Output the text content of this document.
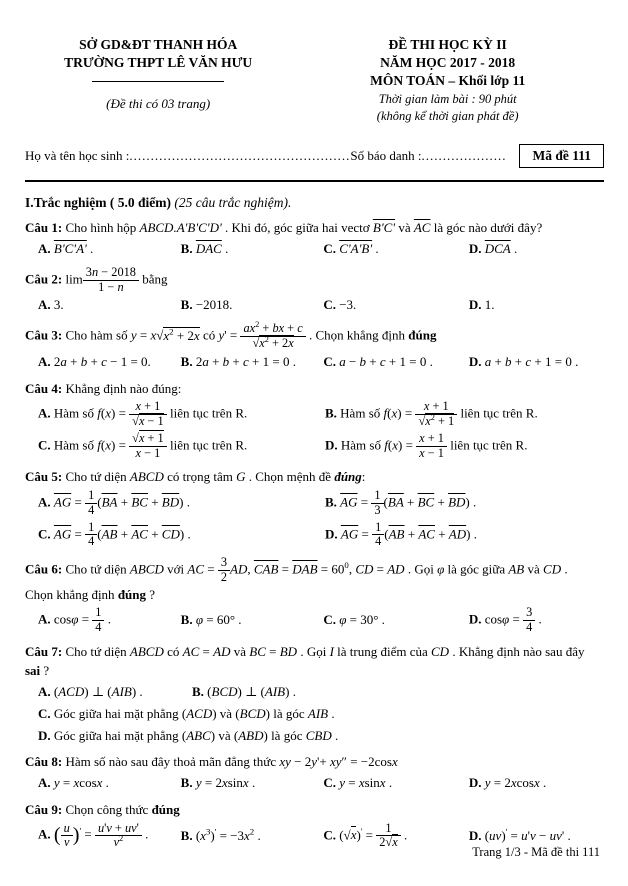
SỞ GD&ĐT THANH HÓA
TRƯỜNG THPT LÊ VĂN HƯU
(Đề thi có 03 trang)
ĐỀ THI HỌC KỲ II
NĂM HỌC 2017 - 2018
MÔN TOÁN – Khối lớp 11
Thời gian làm bài : 90 phút
(không kể thời gian phát đề)
Họ và tên học sinh : .................................................... Số báo danh : ....................	Mã đề 111
I.Trắc nghiệm ( 5.0 điểm) (25 câu trắc nghiệm).
Câu 1: Cho hình hộp ABCD.A'B'C'D' . Khi đó, góc giữa hai vectơ B'C' và $\overline{AC}$ là góc nào dưới đây?
A. B'C'A' .	B. $\overline{DAC}$ .	C. C'A'B' .	D. $\overline{DCA}$ .
Câu 2: $\lim \frac{3n - 2018}{1 - n}$ bằng
A. 3.	B. −2018.	C. −3.	D. 1.
Câu 3: Cho hàm số $y = x√x^2 + 2x$ có $y' = \frac{ax^2 + bx + c}{√x^2 + 2x}$ . Chọn khẳng định đúng
A. 2a + b + c − 1 = 0.	B. 2a + b + c + 1 = 0 .	C. a − b + c + 1 = 0 .	D. a + b + c + 1 = 0 .
Câu 4: Khẳng định nào đúng:
A. Hàm số $f(x) = \frac{x + 1}{√x - 1}$ liên tục trên R.	B. Hàm số $f(x) = \frac{x + 1}{√x^2 + 1}$ liên tục trên R.
C. Hàm số $f(x) = \frac{√x + 1}{x - 1}$ liên tục trên R.	D. Hàm số $f(x) = \frac{x + 1}{x - 1}$ liên tục trên R.
Câu 5: Cho tứ diện ABCD có trọng tâm G . Chọn mệnh đề đúng:
A. $\overline{AG} = \frac{1}{4} (\overline{BA} + \overline{BC} + \overline{BD})$ .	B. $\overline{AG} = \frac{1}{3} (\overline{BA} + \overline{BC} + \overline{BD})$ .
C. $\overline{AG} = \frac{1}{4} (\overline{AB} + \overline{AC} + \overline{CD})$ .	D. $\overline{AG} = \frac{1}{4} (\overline{AB} + \overline{AC} + \overline{AD})$ .
Câu 6: Cho tứ diện ABCD với AC = $\frac{3}{2}$ AD, $\overline{CAB} = \overline{DAB} = 60^0$, CD = AD . Gọi φ là góc giữa AB và CD .
Chọn khẳng định đúng ?
A. $\cos\varphi = \frac{1}{4}$ .	B. φ = 60° .	C. φ = 30° .	D. $\cos\varphi = \frac{3}{4}$ .
Câu 7: Cho tứ diện ABCD có AC = AD và BC = BD . Gọi I là trung điểm của CD . Khẳng định nào sau đây
sai ?
A. (ACD) ⊥ (AIB) .	B. (BCD) ⊥ (AIB) .
C. Góc giữa hai mặt phẳng (ACD) và (BCD) là góc AIB .
D. Góc giữa hai mặt phẳng (ABC) và (ABD) là góc CBD .
Câu 8: Hàm số nào sau đây thoả mãn đẳng thức xy − 2y'+ xy″ = −2cosx
A. y = xcosx .	B. y = 2xsinx .	C. y = xsinx .	D. y = 2xcosx .
Câu 9: Chọn công thức đúng
A. ( $\frac{u}{v} )' = \frac{u'v + uv'}{v^2}$ .	B. $(x^3)' = -3x^2$ .	C. $(√x)' = \frac{1}{2√x}$ .	D. (uv)' = u'v − uv' .
Trang 1/3 - Mã đề thi 111
